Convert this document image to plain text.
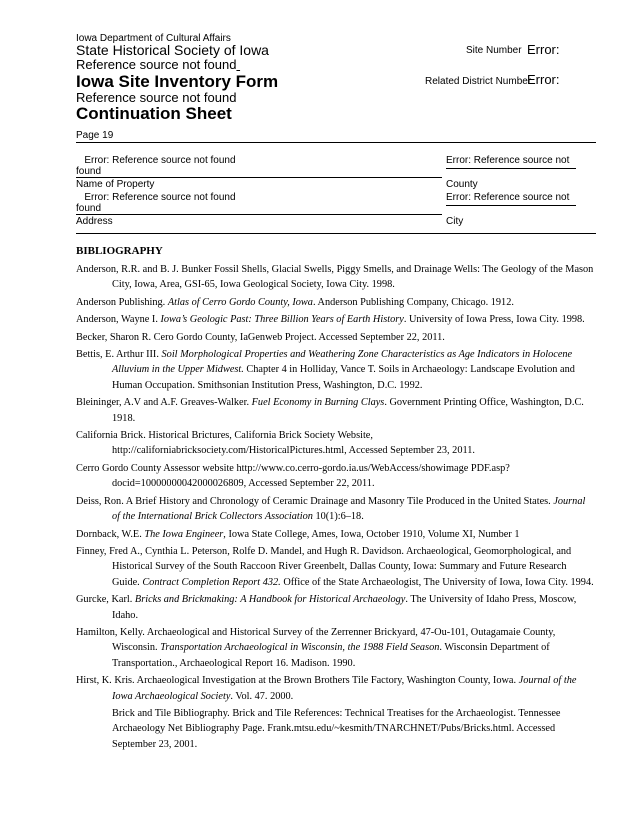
Iowa Department of Cultural Affairs
State Historical Society of Iowa
Reference source not found
Iowa Site Inventory Form
Reference source not found
Continuation Sheet
Site Number Error:
Related District Number
Error:
Page 19
Error: Reference source not found	Error: Reference source not
found
Name of Property	County
Error: Reference source not found	Error: Reference source not
found
Address	City
BIBLIOGRAPHY
Anderson, R.R. and B. J. Bunker Fossil Shells, Glacial Swells, Piggy Smells, and Drainage Wells: The Geology of the Mason City, Iowa, Area, GSI-65, Iowa Geological Society, Iowa City. 1998.
Anderson Publishing. Atlas of Cerro Gordo County, Iowa. Anderson Publishing Company, Chicago. 1912.
Anderson, Wayne I. Iowa’s Geologic Past: Three Billion Years of Earth History. University of Iowa Press, Iowa City. 1998.
Becker, Sharon R. Cero Gordo County, IaGenweb Project. Accessed September 22, 2011.
Bettis, E. Arthur III. Soil Morphological Properties and Weathering Zone Characteristics as Age Indicators in Holocene Alluvium in the Upper Midwest. Chapter 4 in Holliday, Vance T. Soils in Archaeology: Landscape Evolution and Human Occupation. Smithsonian Institution Press, Washington, D.C. 1992.
Bleininger, A.V and A.F. Greaves-Walker. Fuel Economy in Burning Clays. Government Printing Office, Washington, D.C. 1918.
California Brick. Historical Brictures, California Brick Society Website, http://californiabricksociety.com/HistoricalPictures.html, Accessed September 23, 2011.
Cerro Gordo County Assessor website http://www.co.cerro-gordo.ia.us/WebAccess/showimage PDF.asp?docid=10000000042000026809, Accessed September 22, 2011.
Deiss, Ron. A Brief History and Chronology of Ceramic Drainage and Masonry Tile Produced in the United States. Journal of the International Brick Collectors Association 10(1):6–18.
Dornback, W.E. The Iowa Engineer, Iowa State College, Ames, Iowa, October 1910, Volume XI, Number 1
Finney, Fred A., Cynthia L. Peterson, Rolfe D. Mandel, and Hugh R. Davidson. Archaeological, Geomorphological, and Historical Survey of the South Raccoon River Greenbelt, Dallas County, Iowa: Summary and Future Research Guide. Contract Completion Report 432. Office of the State Archaeologist, The University of Iowa, Iowa City. 1994.
Gurcke, Karl. Bricks and Brickmaking: A Handbook for Historical Archaeology. The University of Idaho Press, Moscow, Idaho.
Hamilton, Kelly. Archaeological and Historical Survey of the Zerrenner Brickyard, 47-Ou-101, Outagamaie County, Wisconsin. Transportation Archaeological in Wisconsin, the 1988 Field Season. Wisconsin Department of Transportation., Archaeological Report 16. Madison. 1990.
Hirst, K. Kris. Archaeological Investigation at the Brown Brothers Tile Factory, Washington County, Iowa. Journal of the Iowa Archaeological Society. Vol. 47. 2000.
Brick and Tile Bibliography. Brick and Tile References: Technical Treatises for the Archaeologist. Tennessee Archaeology Net Bibliography Page. Frank.mtsu.edu/~kesmith/TNARCHNET/Pubs/Bricks.html. Accessed September 23, 2001.
